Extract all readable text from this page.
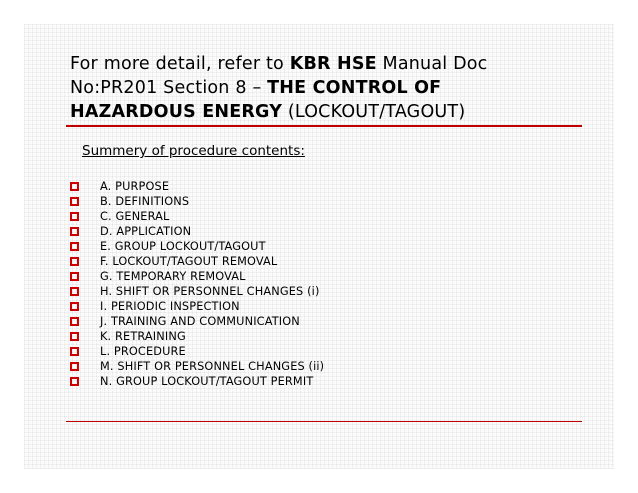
For more detail, refer to KBR HSE Manual Doc No:PR201 Section 8 – THE CONTROL OF HAZARDOUS ENERGY (LOCKOUT/TAGOUT)
Summery of procedure contents:
A. PURPOSE
B. DEFINITIONS
C. GENERAL
D. APPLICATION
E. GROUP LOCKOUT/TAGOUT
F. LOCKOUT/TAGOUT REMOVAL
G. TEMPORARY REMOVAL
H. SHIFT OR PERSONNEL CHANGES (i)
I. PERIODIC INSPECTION
J. TRAINING AND COMMUNICATION
K. RETRAINING
L. PROCEDURE
M. SHIFT OR PERSONNEL CHANGES (ii)
N. GROUP LOCKOUT/TAGOUT PERMIT
